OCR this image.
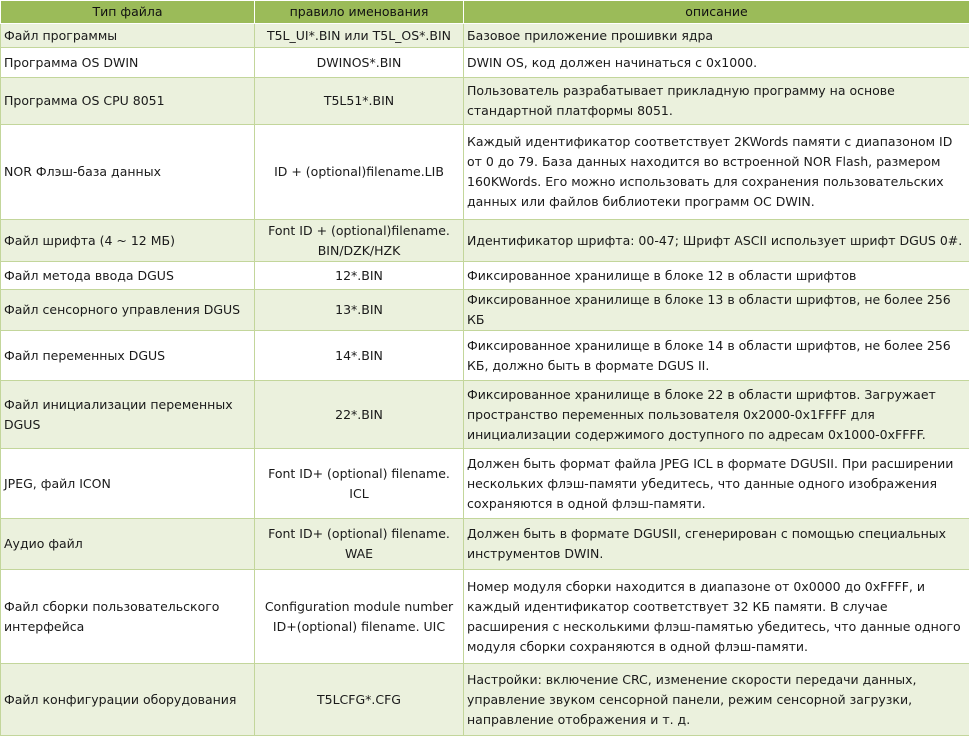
Тип файла	правило именования	описание
Файл программы	T5L_UI*.BIN или T5L_OS*.BIN	Базовое приложение прошивки ядра
Программа OS DWIN	DWINOS*.BIN	DWIN OS, код должен начинаться с 0x1000.
Программа OS CPU 8051	T5L51*.BIN	Пользователь разрабатывает прикладную программу на основе стандартной платформы 8051.
NOR Флэш-база данных	ID + (optional)filename.LIB	Каждый идентификатор соответствует 2KWords памяти с диапазоном ID от 0 до 79. База данных находится во встроенной NOR Flash, размером 160KWords. Его можно использовать для сохранения пользовательских данных или файлов библиотеки программ ОС DWIN.
Файл шрифта (4 ~ 12 МБ)	Font ID + (optional)filename. BIN/DZK/HZK	Идентификатор шрифта: 00-47; Шрифт ASCII использует шрифт DGUS 0#.
Файл метода ввода DGUS	12*.BIN	Фиксированное хранилище в блоке 12 в области шрифтов
Файл сенсорного управления DGUS	13*.BIN	Фиксированное хранилище в блоке 13 в области шрифтов, не более 256 КБ
Файл переменных DGUS	14*.BIN	Фиксированное хранилище в блоке 14 в области шрифтов, не более 256 КБ, должно быть в формате DGUS II.
Файл инициализации переменных DGUS	22*.BIN	Фиксированное хранилище в блоке 22 в области шрифтов. Загружает пространство переменных пользователя 0x2000-0x1FFFF для инициализации содержимого доступного по адресам 0x1000-0xFFFF.
JPEG, файл ICON	Font ID+ (optional) filename. ICL	Должен быть формат файла JPEG ICL в формате DGUSII. При расширении нескольких флэш-памяти убедитесь, что данные одного изображения сохраняются в одной флэш-памяти.
Аудио файл	Font ID+ (optional) filename. WAE	Должен быть в формате DGUSII, сгенерирован с помощью специальных инструментов DWIN.
Файл сборки пользовательского интерфейса	Configuration module number ID+(optional) filename. UIC	Номер модуля сборки находится в диапазоне от 0x0000 до 0xFFFF, и каждый идентификатор соответствует 32 КБ памяти. В случае расширения с несколькими флэш-памятью убедитесь, что данные одного модуля сборки сохраняются в одной флэш-памяти.
Файл конфигурации оборудования	T5LCFG*.CFG	Настройки: включение CRC, изменение скорости передачи данных, управление звуком сенсорной панели, режим сенсорной загрузки, направление отображения и т. д.
